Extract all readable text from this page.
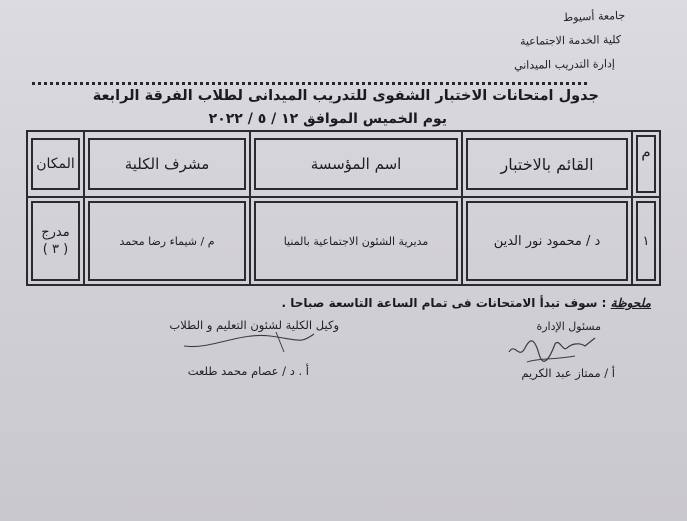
جامعة أسيوط
كلية الخدمة الاجتماعية
إدارة التدريب الميداني
جدول امتحانات الاختبار الشفوى للتدريب الميدانى لطلاب الفرقة الرابعة
يوم الخميس الموافق ١٢ / ٥ / ٢٠٢٢
م	القائم بالاختبار	اسم المؤسسة	مشرف الكلية	المكان

١	د / محمود نور الدين	مديرية الشئون الاجتماعية بالمنيا	م / شيماء رضا محمد	مدرج
( ٣ )
ملحوظة : سوف تبدأ الامتحانات فى تمام الساعة التاسعة صباحا .
مسئول الإدارة
أ / ممتاز عبد الكريم
وكيل الكلية لشئون التعليم و الطلاب
أ . د / عصام محمد طلعت
